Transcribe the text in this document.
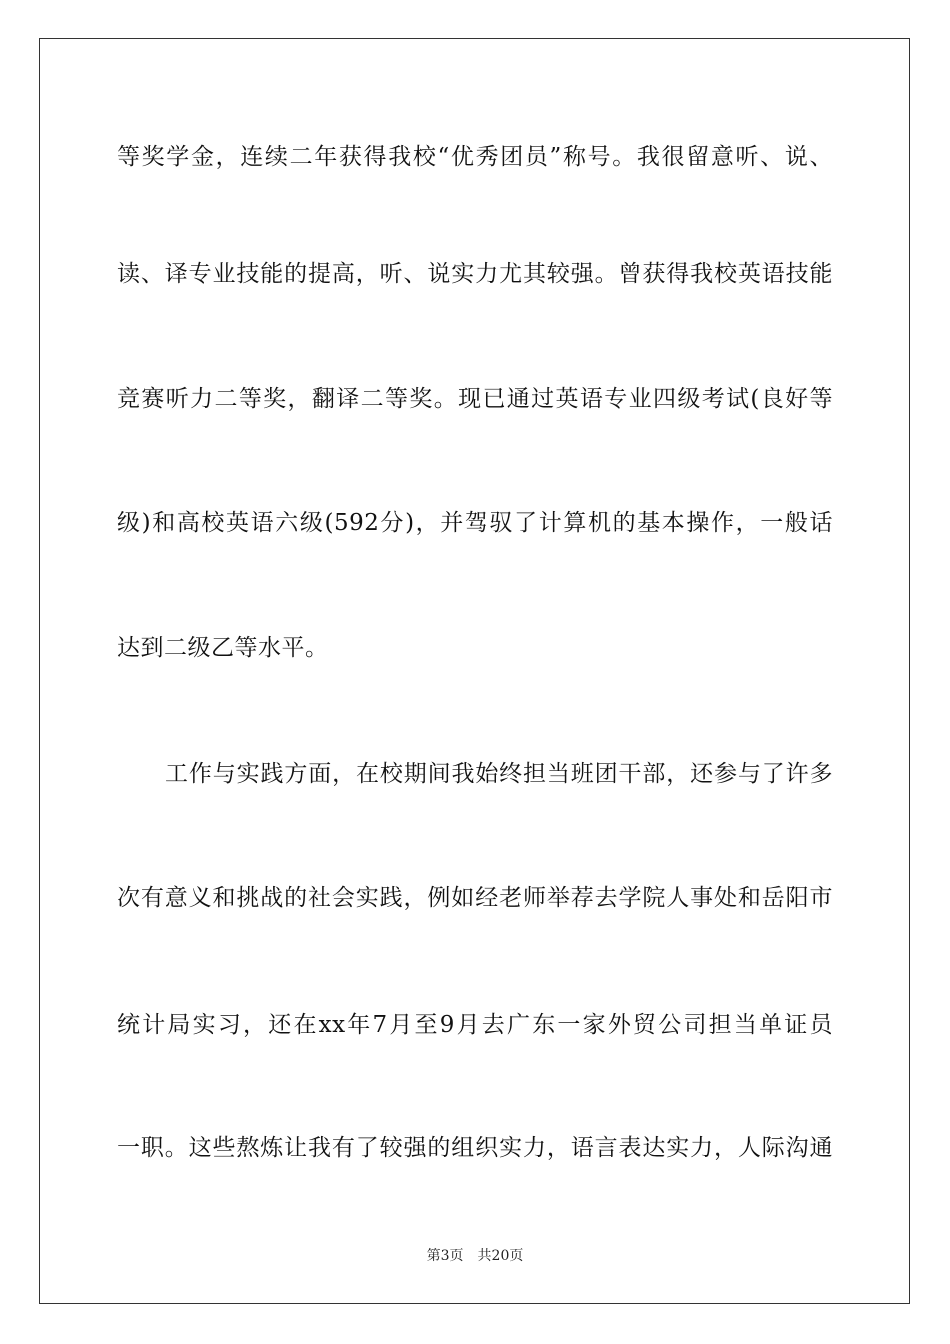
等奖学金，连续二年获得我校“优秀团员”称号。我很留意听、说、
读、译专业技能的提高，听、说实力尤其较强。曾获得我校英语技能
竞赛听力二等奖，翻译二等奖。现已通过英语专业四级考试(良好等
级)和高校英语六级(592分)，并驾驭了计算机的基本操作，一般话
达到二级乙等水平。
工作与实践方面，在校期间我始终担当班团干部，还参与了许多
次有意义和挑战的社会实践，例如经老师举荐去学院人事处和岳阳市
统计局实习，还在xx年7月至9月去广东一家外贸公司担当单证员
一职。这些熬炼让我有了较强的组织实力，语言表达实力，人际沟通
第3页 共20页
